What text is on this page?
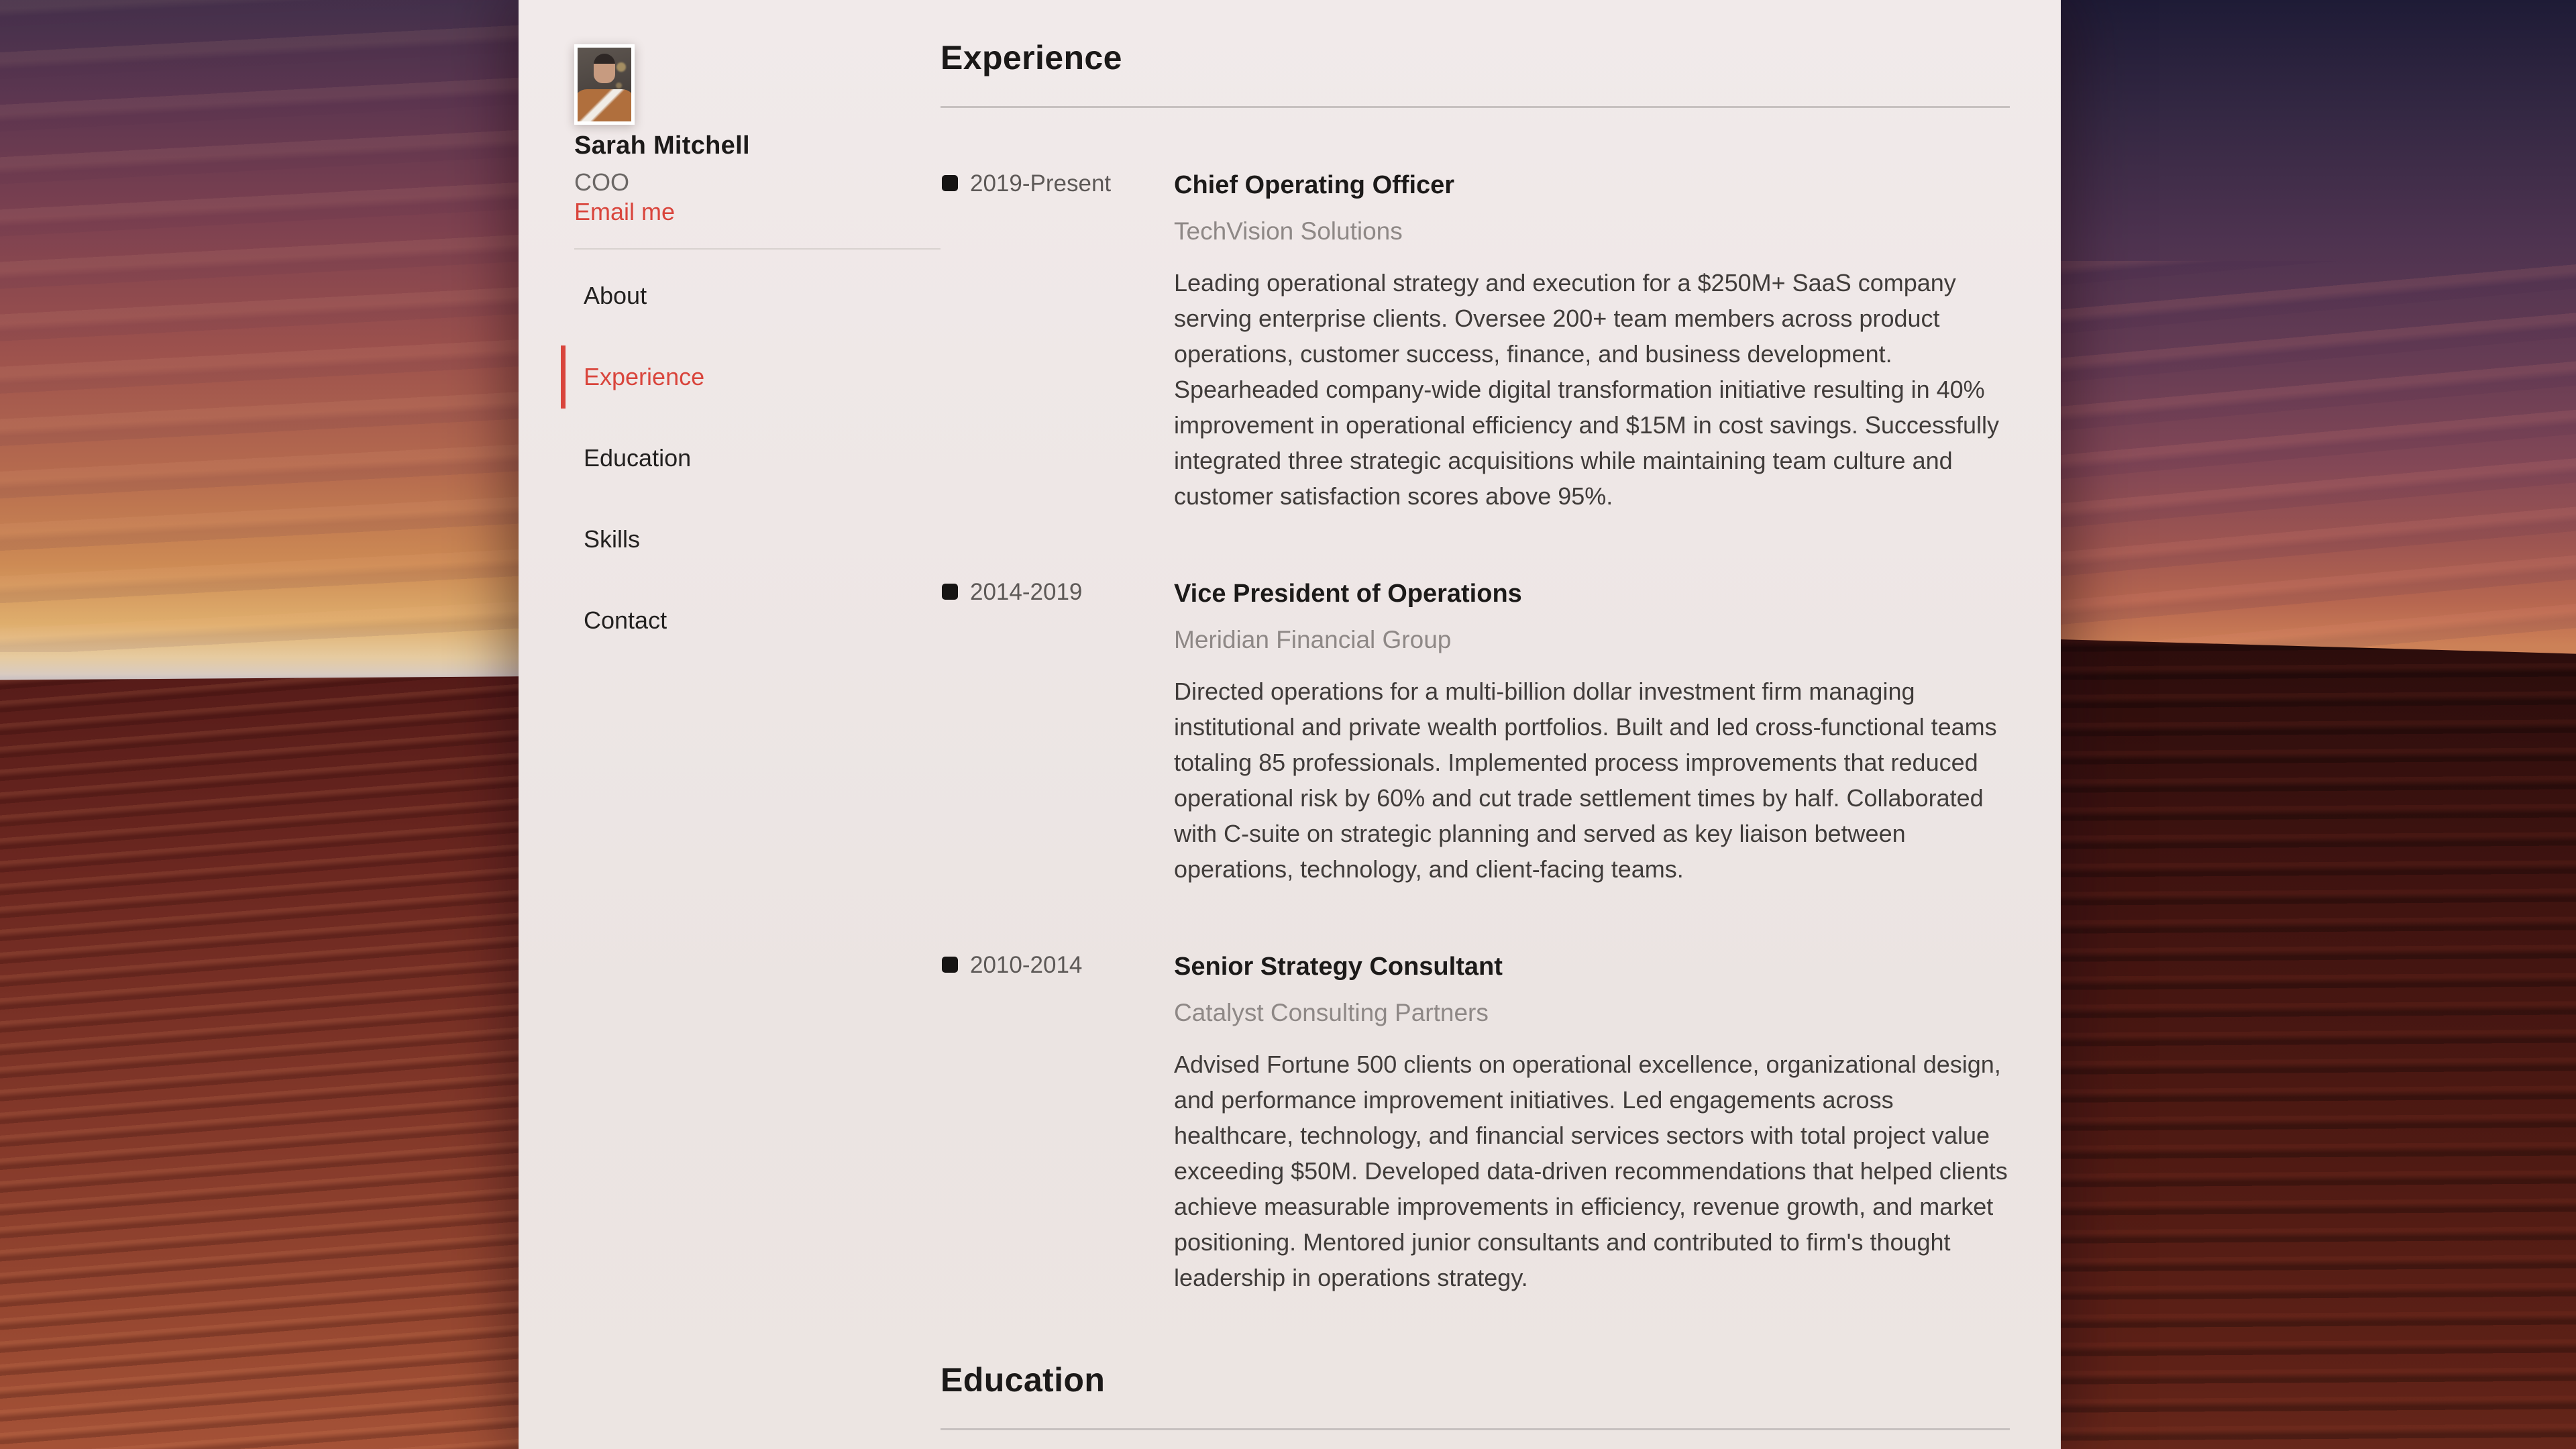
Sarah Mitchell
COO
Email me
About
Experience
Education
Skills
Contact
Experience
2019-Present Chief Operating Officer
TechVision Solutions

Leading operational strategy and execution for a $250M+ SaaS company serving enterprise clients. Oversee 200+ team members across product operations, customer success, finance, and business development. Spearheaded company-wide digital transformation initiative resulting in 40% improvement in operational efficiency and $15M in cost savings. Successfully integrated three strategic acquisitions while maintaining team culture and customer satisfaction scores above 95%.

2014-2019	Vice President of Operations
Meridian Financial Group

Directed operations for a multi-billion dollar investment firm managing institutional and private wealth portfolios. Built and led cross-functional teams totaling 85 professionals. Implemented process improvements that reduced operational risk by 60% and cut trade settlement times by half. Collaborated with C-suite on strategic planning and served as key liaison between operations, technology, and client-facing teams.

2010-2014	Senior Strategy Consultant
Catalyst Consulting Partners

Advised Fortune 500 clients on operational excellence, organizational design, and performance improvement initiatives. Led engagements across healthcare, technology, and financial services sectors with total project value exceeding $50M. Developed data-driven recommendations that helped clients achieve measurable improvements in efficiency, revenue growth, and market positioning. Mentored junior consultants and contributed to firm's thought leadership in operations strategy.

Education
